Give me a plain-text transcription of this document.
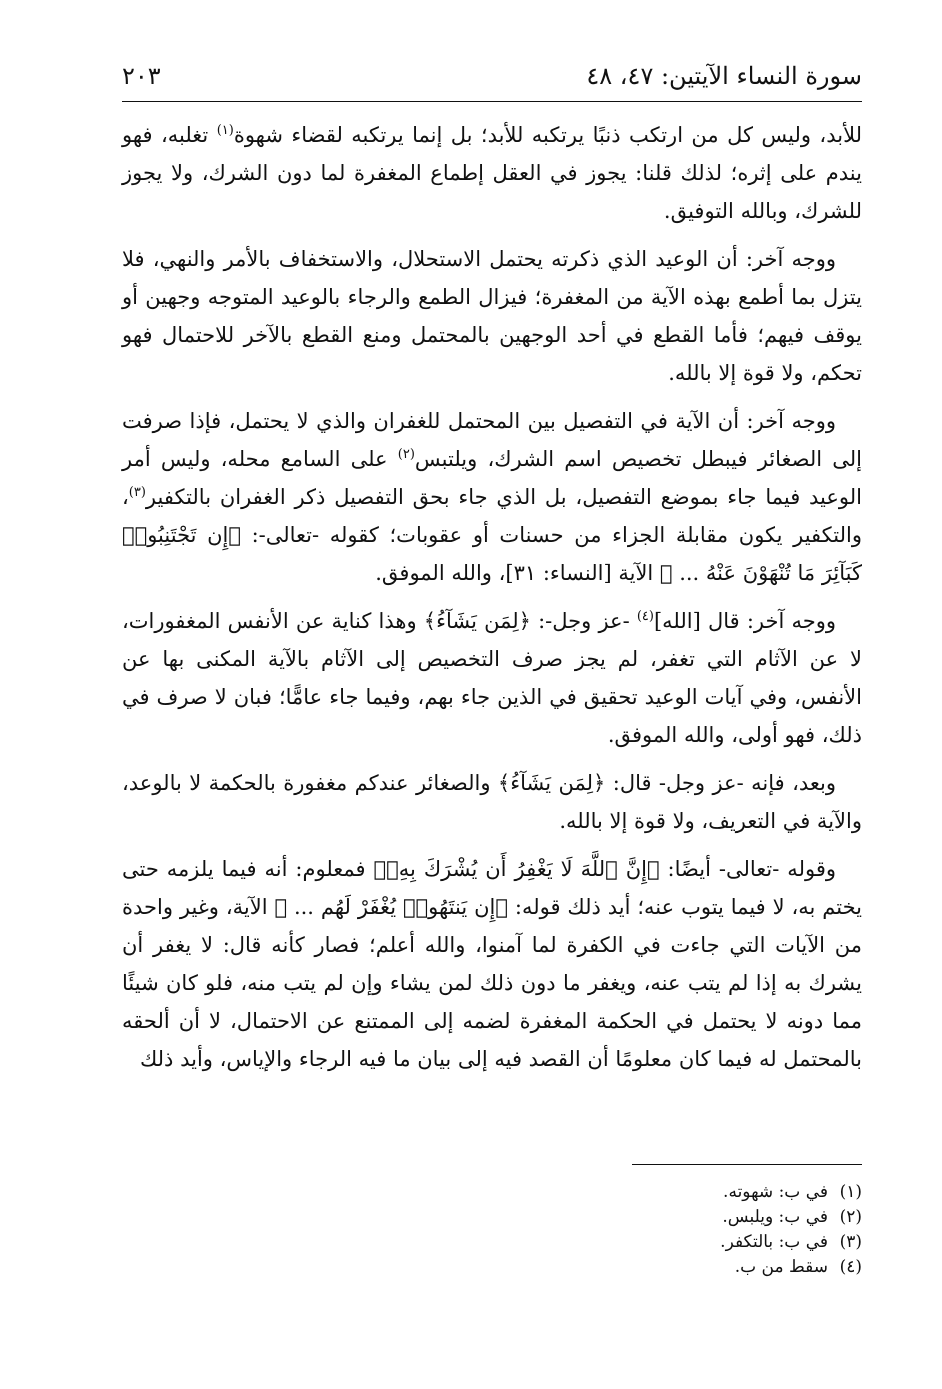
سورة النساء الآيتين: ٤٧، ٤٨
٢٠٣

للأبد، وليس كل من ارتكب ذنبًا يرتكبه للأبد؛ بل إنما يرتكبه لقضاء شهوة$^{(١)}$ تغلبه، فهو يندم على إثره؛ لذلك قلنا: يجوز في العقل إطماع المغفرة لما دون الشرك، ولا يجوز للشرك، وبالله التوفيق.

ووجه آخر: أن الوعيد الذي ذكرته يحتمل الاستحلال، والاستخفاف بالأمر والنهي، فلا يتزل بما أطمع بهذه الآية من المغفرة؛ فيزال الطمع والرجاء بالوعيد المتوجه وجهين أو يوقف فيهم؛ فأما القطع في أحد الوجهين بالمحتمل ومنع القطع بالآخر للاحتمال فهو تحكم، ولا قوة إلا بالله.

ووجه آخر: أن الآية في التفصيل بين المحتمل للغفران والذي لا يحتمل، فإذا صرفت إلى الصغائر فيبطل تخصيص اسم الشرك، ويلتبس$^{(٢)}$ على السامع محله، وليس أمر الوعيد فيما جاء بموضع التفصيل، بل الذي جاء بحق التفصيل ذكر الغفران بالتكفير$^{(٣)}$، والتكفير يكون مقابلة الجزاء من حسنات أو عقوبات؛ كقوله -تعالى-: ﴿إِن تَجْتَنِبُوا۟ كَبَآئِرَ مَا تُنْهَوْنَ عَنْهُ ... ﴾ الآية [النساء: ٣١]، والله الموفق.

ووجه آخر: قال [الله]$^{(٤)}$ -عز وجل-: ﴿لِمَن يَشَآءُ﴾ وهذا كناية عن الأنفس المغفورات، لا عن الآثام التي تغفر، لم يجز صرف التخصيص إلى الآثام بالآية المكنى بها عن الأنفس، وفي آيات الوعيد تحقيق في الذين جاء بهم، وفيما جاء عامًّا؛ فبان لا صرف في ذلك، فهو أولى، والله الموفق.

وبعد، فإنه -عز وجل- قال: ﴿لِمَن يَشَآءُ﴾ والصغائر عندكم مغفورة بالحكمة لا بالوعد، والآية في التعريف، ولا قوة إلا بالله.

وقوله -تعالى- أيضًا: ﴿إِنَّ ٱللَّهَ لَا يَغْفِرُ أَن يُشْرَكَ بِهِۦ﴾ فمعلوم: أنه فيما يلزمه حتى يختم به، لا فيما يتوب عنه؛ أيد ذلك قوله: ﴿إِن يَنتَهُوا۟ يُغْفَرْ لَهُم ... ﴾ الآية، وغير واحدة من الآيات التي جاءت في الكفرة لما آمنوا، والله أعلم؛ فصار كأنه قال: لا يغفر أن يشرك به إذا لم يتب عنه، ويغفر ما دون ذلك لمن يشاء وإن لم يتب منه، فلو كان شيئًا مما دونه لا يحتمل في الحكمة المغفرة لضمه إلى الممتنع عن الاحتمال، لا أن ألحقه بالمحتمل له فيما كان معلومًا أن القصد فيه إلى بيان ما فيه الرجاء والإياس، وأيد ذلك

(١)في ب: شهوته.

(٢)في ب: ويلبس.

(٣)في ب: بالتكفر.

(٤)سقط من ب.
